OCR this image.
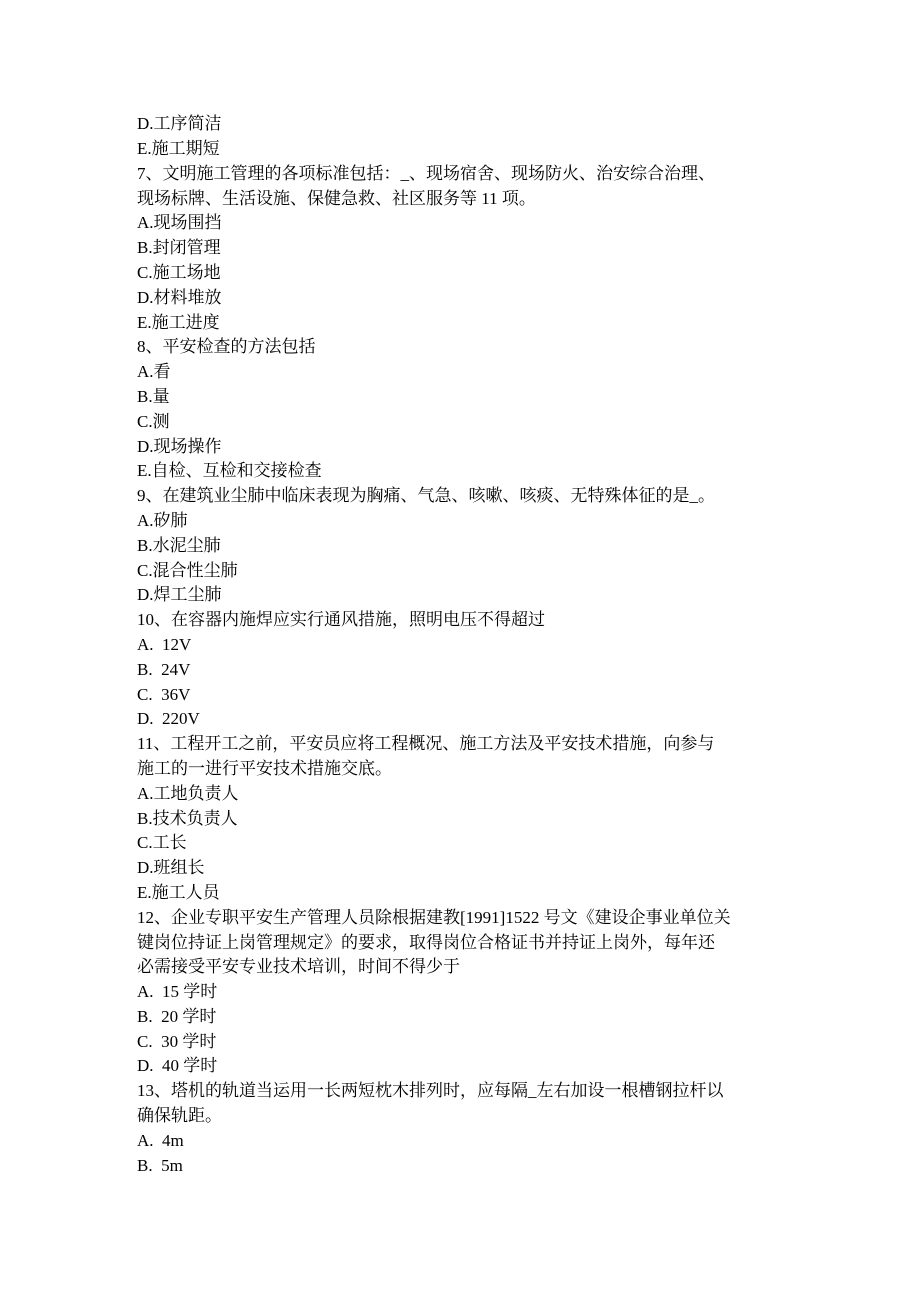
D.工序简洁
E.施工期短
7、文明施工管理的各项标准包括：_、现场宿舍、现场防火、治安综合治理、
现场标牌、生活设施、保健急救、社区服务等 11 项。
A.现场围挡
B.封闭管理
C.施工场地
D.材料堆放
E.施工进度
8、平安检查的方法包括
A.看
B.量
C.测
D.现场操作
E.自检、互检和交接检查
9、在建筑业尘肺中临床表现为胸痛、气急、咳嗽、咳痰、无特殊体征的是_。
A.矽肺
B.水泥尘肺
C.混合性尘肺
D.焊工尘肺
10、在容器内施焊应实行通风措施，照明电压不得超过
A.  12V
B.  24V
C.  36V
D.  220V
11、工程开工之前，平安员应将工程概况、施工方法及平安技术措施，向参与
施工的一进行平安技术措施交底。
A.工地负责人
B.技术负责人
C.工长
D.班组长
E.施工人员
12、企业专职平安生产管理人员除根据建教[1991]1522 号文《建设企事业单位关
键岗位持证上岗管理规定》的要求，取得岗位合格证书并持证上岗外，每年还
必需接受平安专业技术培训，时间不得少于
A.  15 学时
B.  20 学时
C.  30 学时
D.  40 学时
13、塔机的轨道当运用一长两短枕木排列时，应每隔_左右加设一根槽钢拉杆以
确保轨距。
A.  4m
B.  5m
